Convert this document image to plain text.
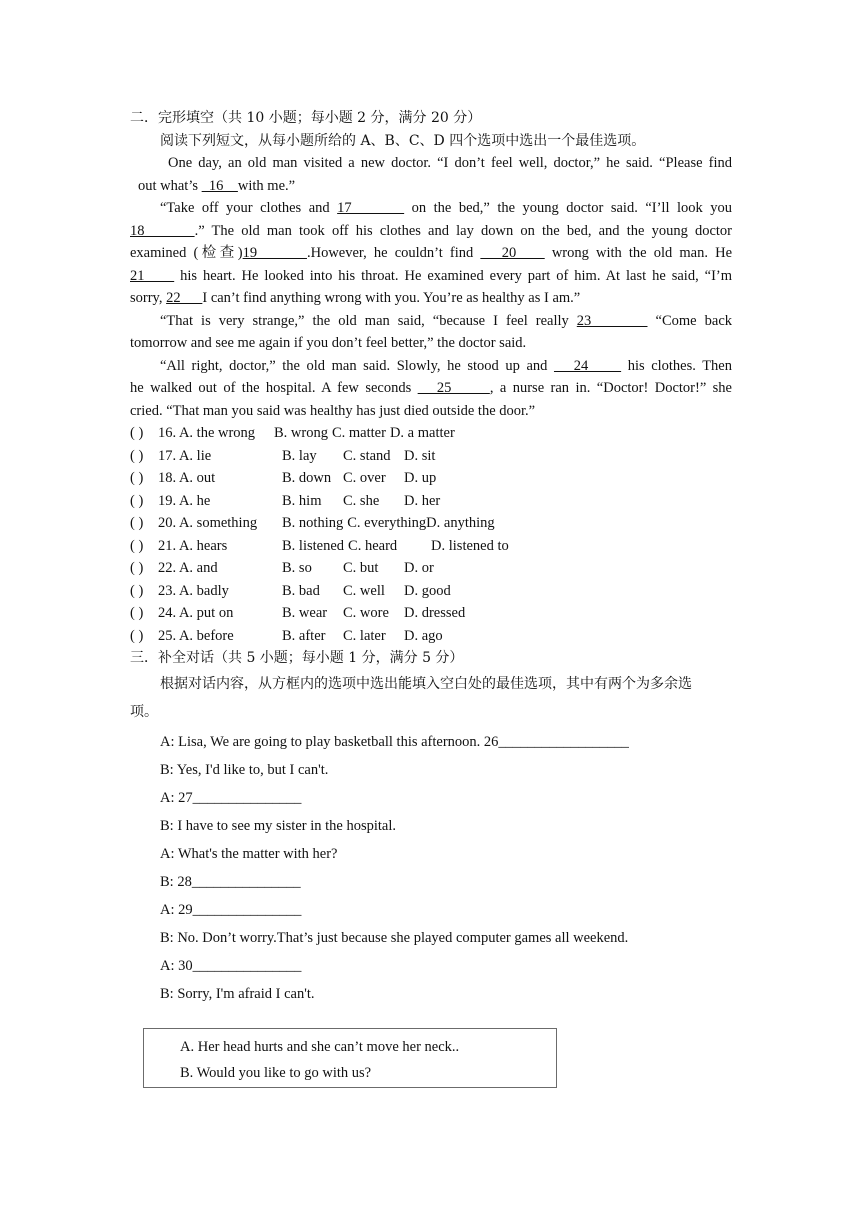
二．完形填空（共 10 小题；每小题 2 分，满分 20 分）

阅读下列短文，从每小题所给的 A、B、C、D 四个选项中选出一个最佳选项。

One day, an old man visited a new doctor. “I don’t feel well, doctor,” he said. “Please find

out what’s   16    with me.”

“Take off your clothes and 17        on the bed,” the young doctor said. “I’ll look you

18       .” The old man took off his clothes and lay down on the bed, and the young doctor

examined (检查)19       .However, he couldn’t find    20     wrong with the old man. He

21      his heart. He looked into his throat. He examined every part of him. At last he said, “I’m

sorry, 22      I can’t find anything wrong with you. You’re as healthy as I am.”

“That is very strange,” the old man said, “because I feel really 23        “Come back

tomorrow and see me again if you don’t feel better,” the doctor said.

“All right, doctor,” the old man said. Slowly, he stood up and    24      his clothes. Then

he walked out of the hospital. A few seconds    25      , a nurse ran in. “Doctor! Doctor!” she

cried. “That man you said was healthy has just died outside the door.”

( )	16. A. the wrong	B. wrong C. matter D. a matter
( )	17. A. lie	B. lay	C. stand D. sit
( )	18. A. out	B. down C. over	D. up
( )	19. A. he	B. him	C. she	D. her
( )	20. A. something	B. nothing C. everything D. anything
( )	21. A. hears	B. listened C. heard	D. listened to
( )	22. A. and	B. so	C. but	D. or
( )	23. A. badly	B. bad	C. well	D. good
( )	24. A. put on	B. wear	C. wore	D. dressed
( )	25. A. before	B. after	C. later	D. ago

三．补全对话（共 5 小题；每小题 1 分，满分 5 分）

根据对话内容，从方框内的选项中选出能填入空白处的最佳选项，其中有两个为多余选

项。

A: Lisa, We are going to play basketball this afternoon. 26__________________

B: Yes, I'd like to, but I can't.

A: 27_______________

B: I have to see my sister in the hospital.

A: What's the matter with her?

B: 28_______________

A: 29_______________

B: No. Don’t worry.That’s just because she played computer games all weekend.

A: 30_______________

B: Sorry, I'm afraid I can't.

A. Her head hurts and she can’t move her neck..

B. Would you like to go with us?
